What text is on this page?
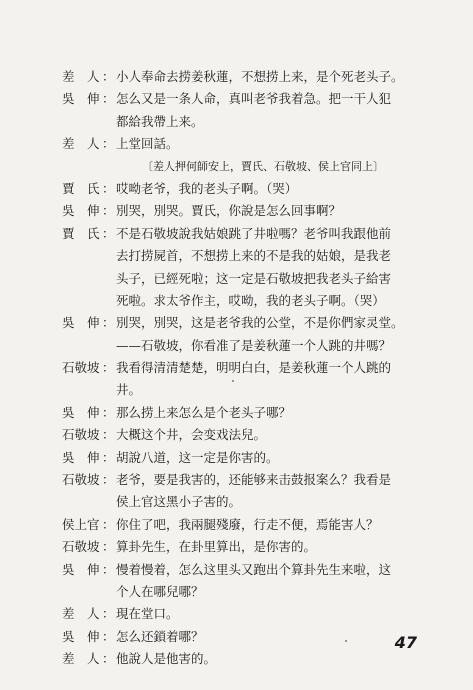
差　人 ： 小人奉命去捞姜秋蓮，不想捞上来，是个死老头子。
吳　伸 ： 怎么又是一条人命，真叫老爷我着急。把一干人犯
都給我帶上来。
差　人 ： 上堂回話。
〔差人押何師安上，賈氏、石敬坡、侯上官同上〕
賈　氏 ： 哎呦老爷，我的老头子啊。（哭）
吳　伸 ： 別哭，別哭。賈氏，你說是怎么回事啊？
賈　氏 ： 不是石敬坡說我姑娘跳了井啦嗎？老爷叫我跟他前
去打捞屍首，不想捞上来的不是我的姑娘，是我老
头子，已經死啦；这一定是石敬坡把我老头子給害
死啦。求太爷作主，哎呦，我的老头子啊。（哭）
吳　伸 ： 別哭，別哭，这是老爷我的公堂，不是你們家灵堂。
——石敬坡，你看准了是姜秋蓮一个人跳的井嗎？
石敬坡 ： 我看得清清楚楚，明明白白，是姜秋蓮一个人跳的
井。
吳　伸 ： 那么捞上来怎么是个老头子哪？
石敬坡 ： 大概这个井，会变戏法兒。
吳　伸 ： 胡說八道，这一定是你害的。
石敬坡 ： 老爷，要是我害的，还能够来击鼓报案么？我看是
侯上官这黑小子害的。
侯上官 ： 你住了吧，我兩腿殘廢，行走不便，焉能害人？
石敬坡 ： 算卦先生，在卦里算出，是你害的。
吳　伸 ： 慢着慢着，怎么这里头又跑出个算卦先生来啦，这
个人在哪兒哪？
差　人 ： 現在堂口。
吳　伸 ： 怎么还鎖着哪？
差　人 ： 他說人是他害的。
47
